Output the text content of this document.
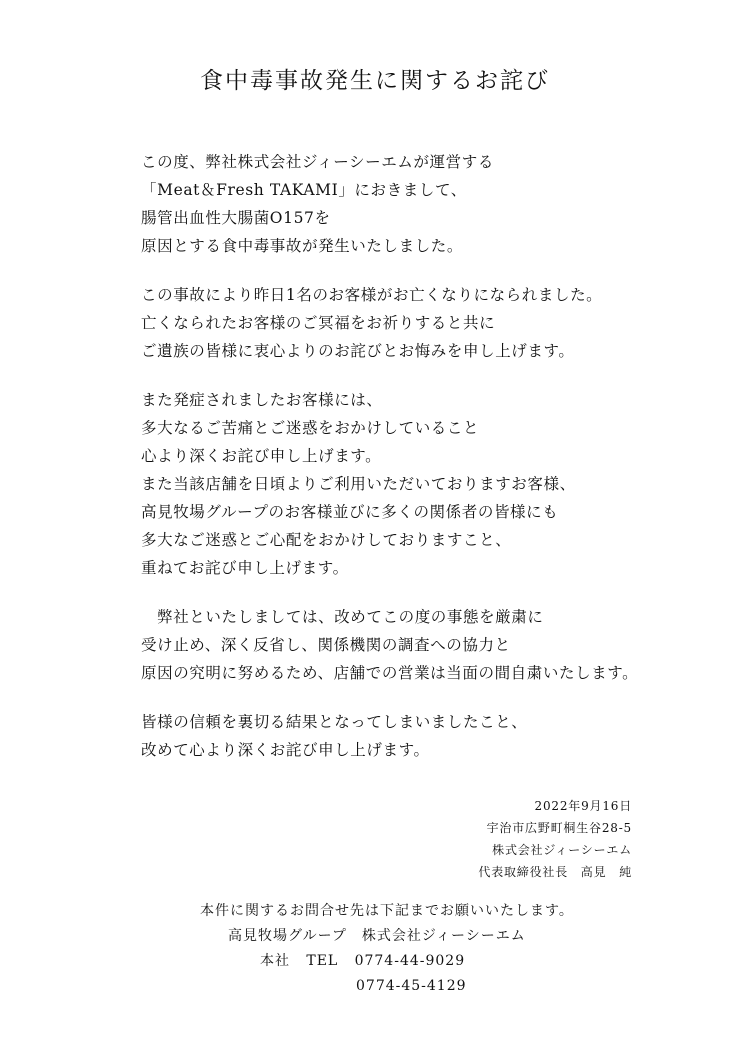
食中毒事故発生に関するお詫び
この度、弊社株式会社ジィーシーエムが運営する
「Meat＆Fresh TAKAMI」におきまして、
腸管出血性大腸菌O157を
原因とする食中毒事故が発生いたしました。
この事故により昨日1名のお客様がお亡くなりになられました。
亡くなられたお客様のご冥福をお祈りすると共に
ご遺族の皆様に衷心よりのお詫びとお悔みを申し上げます。
また発症されましたお客様には、
多大なるご苦痛とご迷惑をおかけしていること
心より深くお詫び申し上げます。
また当該店舗を日頃よりご利用いただいておりますお客様、
高見牧場グループのお客様並びに多くの関係者の皆様にも
多大なご迷惑とご心配をおかけしておりますこと、
重ねてお詫び申し上げます。
　弊社といたしましては、改めてこの度の事態を厳粛に
受け止め、深く反省し、関係機関の調査への協力と
原因の究明に努めるため、店舗での営業は当面の間自粛いたします。
皆様の信頼を裏切る結果となってしまいましたこと、
改めて心より深くお詫び申し上げます。
2022年9月16日
宇治市広野町桐生谷28-5
株式会社ジィーシーエム
代表取締役社長　高見　純
本件に関するお問合せ先は下記までお願いいたします。
高見牧場グループ　株式会社ジィーシーエム
本社 TEL 0774-44-9029
0774-45-4129
